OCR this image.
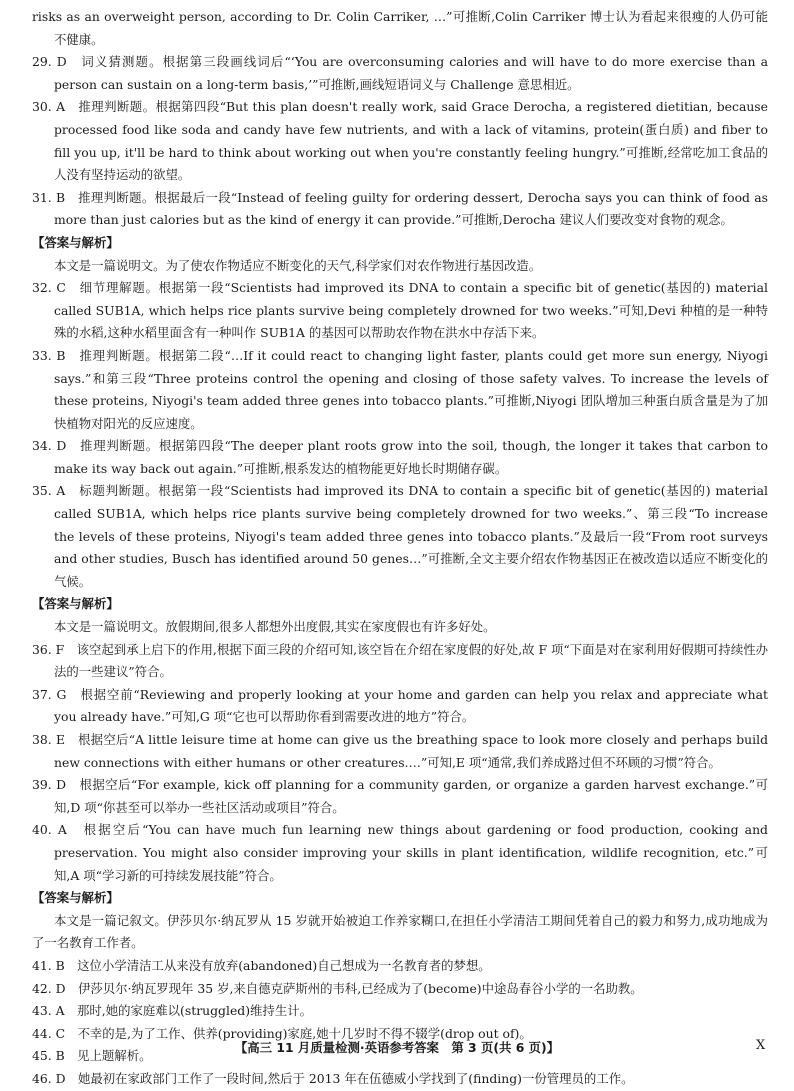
risks as an overweight person, according to Dr. Colin Carriker, …”可推断,Colin Carriker 博士认为看起来很瘦的人仍可能不健康。

29. D　词义猜测题。根据第三段画线词后“‘You are overconsuming calories and will have to do more exercise than a person can sustain on a long-term basis,’”可推断,画线短语词义与 Challenge 意思相近。

30. A　推理判断题。根据第四段“But this plan doesn't really work, said Grace Derocha, a registered dietitian, because processed food like soda and candy have few nutrients, and with a lack of vitamins, protein(蛋白质) and fiber to fill you up, it'll be hard to think about working out when you're constantly feeling hungry.”可推断,经常吃加工食品的人没有坚持运动的欲望。

31. B　推理判断题。根据最后一段“Instead of feeling guilty for ordering dessert, Derocha says you can think of food as more than just calories but as the kind of energy it can provide.”可推断,Derocha 建议人们要改变对食物的观念。

【答案与解析】

本文是一篇说明文。为了使农作物适应不断变化的天气,科学家们对农作物进行基因改造。

32. C　细节理解题。根据第一段“Scientists had improved its DNA to contain a specific bit of genetic(基因的) material called SUB1A, which helps rice plants survive being completely drowned for two weeks.”可知,Devi 种植的是一种特殊的水稻,这种水稻里面含有一种叫作 SUB1A 的基因可以帮助农作物在洪水中存活下来。

33. B　推理判断题。根据第二段“…If it could react to changing light faster, plants could get more sun energy, Niyogi says.”和第三段“Three proteins control the opening and closing of those safety valves. To increase the levels of these proteins, Niyogi's team added three genes into tobacco plants.”可推断,Niyogi 团队增加三种蛋白质含量是为了加快植物对阳光的反应速度。

34. D　推理判断题。根据第四段“The deeper plant roots grow into the soil, though, the longer it takes that carbon to make its way back out again.”可推断,根系发达的植物能更好地长时期储存碳。

35. A　标题判断题。根据第一段“Scientists had improved its DNA to contain a specific bit of genetic(基因的) material called SUB1A, which helps rice plants survive being completely drowned for two weeks.”、第三段“To increase the levels of these proteins, Niyogi's team added three genes into tobacco plants.”及最后一段“From root surveys and other studies, Busch has identified around 50 genes…”可推断,全文主要介绍农作物基因正在被改造以适应不断变化的气候。

【答案与解析】

本文是一篇说明文。放假期间,很多人都想外出度假,其实在家度假也有许多好处。

36. F　该空起到承上启下的作用,根据下面三段的介绍可知,该空旨在介绍在家度假的好处,故 F 项“下面是对在家利用好假期可持续性办法的一些建议”符合。

37. G　根据空前“Reviewing and properly looking at your home and garden can help you relax and appreciate what you already have.”可知,G 项“它也可以帮助你看到需要改进的地方”符合。

38. E　根据空后“A little leisure time at home can give us the breathing space to look more closely and perhaps build new connections with either humans or other creatures.…”可知,E 项“通常,我们养成路过但不环顾的习惯”符合。

39. D　根据空后“For example, kick off planning for a community garden, or organize a garden harvest exchange.”可知,D 项“你甚至可以举办一些社区活动或项目”符合。

40. A　根据空后“You can have much fun learning new things about gardening or food production, cooking and preservation. You might also consider improving your skills in plant identification, wildlife recognition, etc.”可知,A 项“学习新的可持续发展技能”符合。

【答案与解析】

本文是一篇记叙文。伊莎贝尔·纳瓦罗从 15 岁就开始被迫工作养家糊口,在担任小学清洁工期间凭着自己的毅力和努力,成功地成为了一名教育工作者。

41. B　这位小学清洁工从来没有放弃(abandoned)自己想成为一名教育者的梦想。

42. D　伊莎贝尔·纳瓦罗现年 35 岁,来自德克萨斯州的韦科,已经成为了(become)中途岛春谷小学的一名助教。

43. A　那时,她的家庭难以(struggled)维持生计。

44. C　不幸的是,为了工作、供养(providing)家庭,她十几岁时不得不辍学(drop out of)。

45. B　见上题解析。

46. D　她最初在家政部门工作了一段时间,然后于 2013 年在伍德威小学找到了(finding)一份管理员的工作。

【高三 11 月质量检测·英语参考答案　第 3 页(共 6 页)】	X
